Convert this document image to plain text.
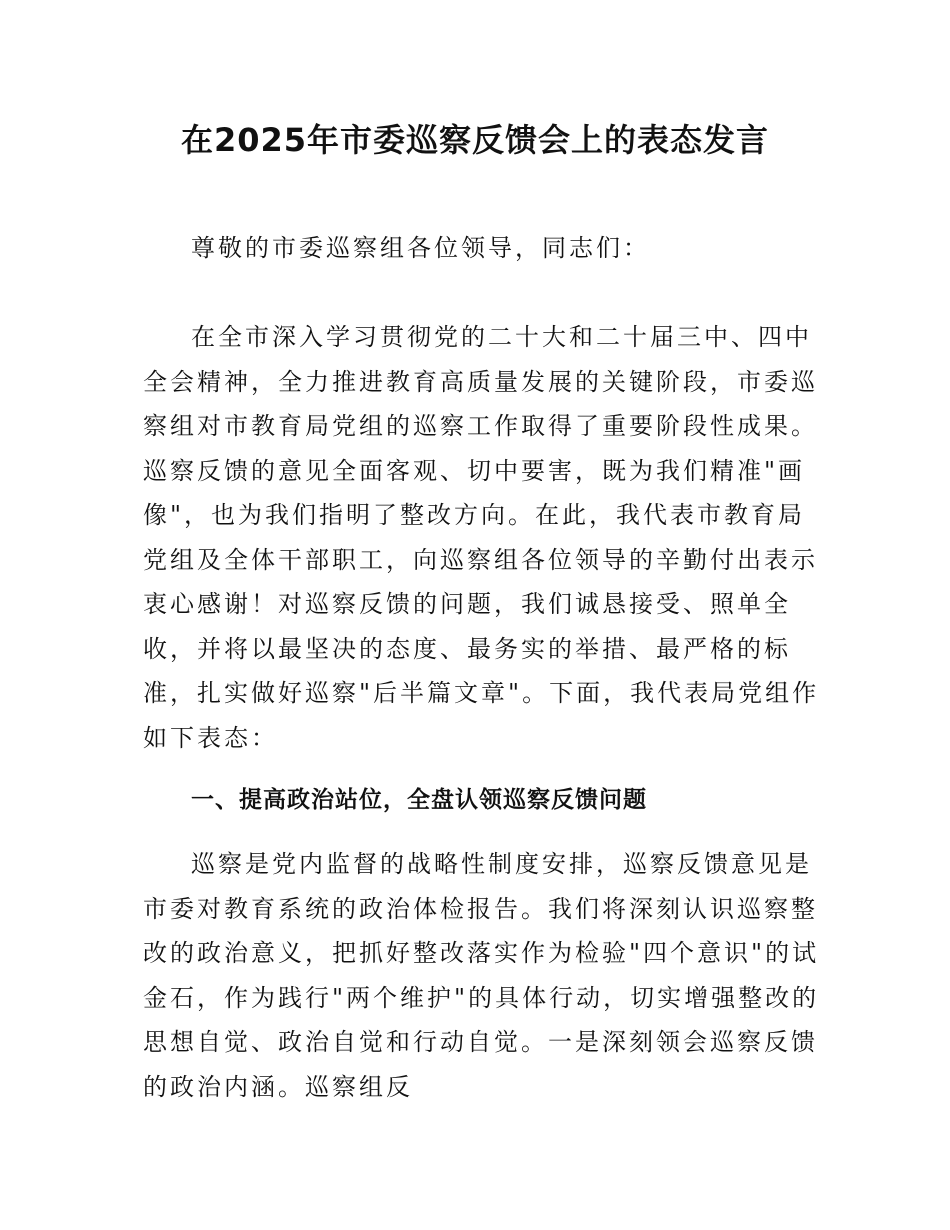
在2025年市委巡察反馈会上的表态发言

尊敬的市委巡察组各位领导，同志们：

在全市深入学习贯彻党的二十大和二十届三中、四中全会精神，全力推进教育高质量发展的关键阶段，市委巡察组对市教育局党组的巡察工作取得了重要阶段性成果。巡察反馈的意见全面客观、切中要害，既为我们精准"画像"，也为我们指明了整改方向。在此，我代表市教育局党组及全体干部职工，向巡察组各位领导的辛勤付出表示衷心感谢！对巡察反馈的问题，我们诚恳接受、照单全收，并将以最坚决的态度、最务实的举措、最严格的标准，扎实做好巡察"后半篇文章"。下面，我代表局党组作如下表态：

一、提高政治站位，全盘认领巡察反馈问题

巡察是党内监督的战略性制度安排，巡察反馈意见是市委对教育系统的政治体检报告。我们将深刻认识巡察整改的政治意义，把抓好整改落实作为检验"四个意识"的试金石，作为践行"两个维护"的具体行动，切实增强整改的思想自觉、政治自觉和行动自觉。一是深刻领会巡察反馈的政治内涵。巡察组反
